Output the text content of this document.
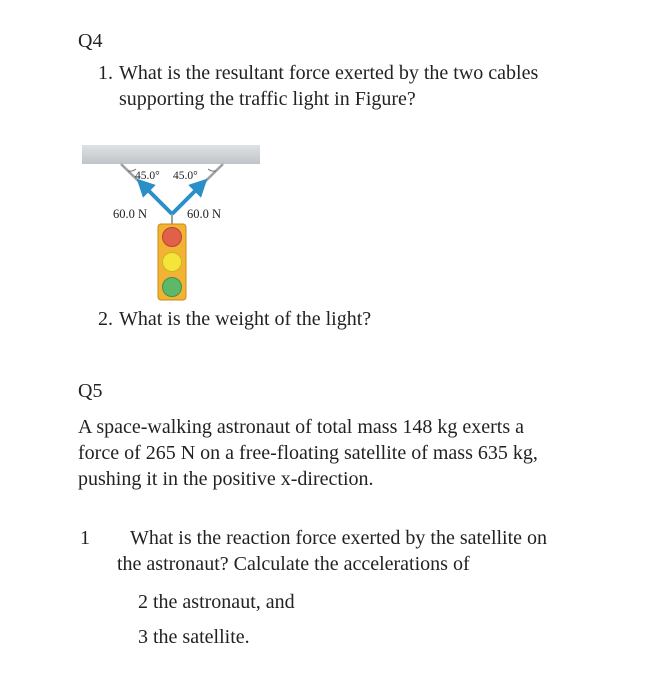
Q4
1. What is the resultant force exerted by the two cables
supporting the traffic light in Figure?
45.0° 45.0°
60.0 N	60.0 N
2. What is the weight of the light?
Q5
A space-walking astronaut of total mass 148 kg exerts a
force of 265 N on a free-floating satellite of mass 635 kg,
pushing it in the positive x-direction.
1 What is the reaction force exerted by the satellite on
the astronaut? Calculate the accelerations of
2 the astronaut, and
3 the satellite.
